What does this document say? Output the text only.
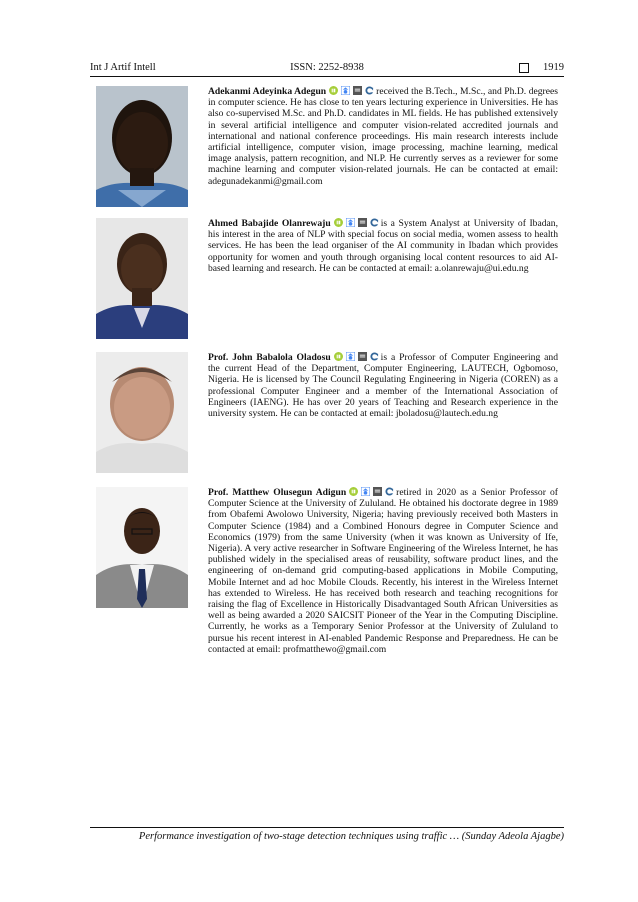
Int J Artif Intell	ISSN: 2252-8938	1919
Adekanmi Adeyinka Adegun	received the B.Tech., M.Sc., and Ph.D. degrees in computer science. He has close to ten years lecturing experience in Universities. He has also co-supervised M.Sc. and Ph.D. candidates in ML fields. He has published extensively in several artificial intelligence and computer vision-related accredited journals and international and national conference proceedings. His main research interests include artificial intelligence, computer vision, image processing, machine learning, medical image analysis, pattern recognition, and NLP. He currently serves as a reviewer for some machine learning and computer vision-related journals. He can be contacted at email: adegunadekanmi@gmail.com
Ahmed Babajide Olanrewaju	is a System Analyst at University of Ibadan, his interest in the area of NLP with special focus on social media, women assess to health services. He has been the lead organiser of the AI community in Ibadan which provides opportunity for women and youth through organising local content resources to aid AI-based learning and research. He can be contacted at email: a.olanrewaju@ui.edu.ng
Prof. John Babalola Oladosu	is a Professor of Computer Engineering and the current Head of the Department, Computer Engineering, LAUTECH, Ogbomoso, Nigeria. He is licensed by The Council Regulating Engineering in Nigeria (COREN) as a professional Computer Engineer and a member of the International Association of Engineers (IAENG). He has over 20 years of Teaching and Research experience in the university system. He can be contacted at email: jboladosu@lautech.edu.ng
Prof. Matthew Olusegun Adigun	retired in 2020 as a Senior Professor of Computer Science at the University of Zululand. He obtained his doctorate degree in 1989 from Obafemi Awolowo University, Nigeria; having previously received both Masters in Computer Science (1984) and a Combined Honours degree in Computer Science and Economics (1979) from the same University (when it was known as University of Ife, Nigeria). A very active researcher in Software Engineering of the Wireless Internet, he has published widely in the specialised areas of reusability, software product lines, and the engineering of on-demand grid computing-based applications in Mobile Computing, Mobile Internet and ad hoc Mobile Clouds. Recently, his interest in the Wireless Internet has extended to Wireless. He has received both research and teaching recognitions for raising the flag of Excellence in Historically Disadvantaged South African Universities as well as being awarded a 2020 SAICSIT Pioneer of the Year in the Computing Discipline. Currently, he works as a Temporary Senior Professor at the University of Zululand to pursue his recent interest in AI-enabled Pandemic Response and Preparedness. He can be contacted at email: profmatthewo@gmail.com
Performance investigation of two-stage detection techniques using traffic … (Sunday Adeola Ajagbe)
